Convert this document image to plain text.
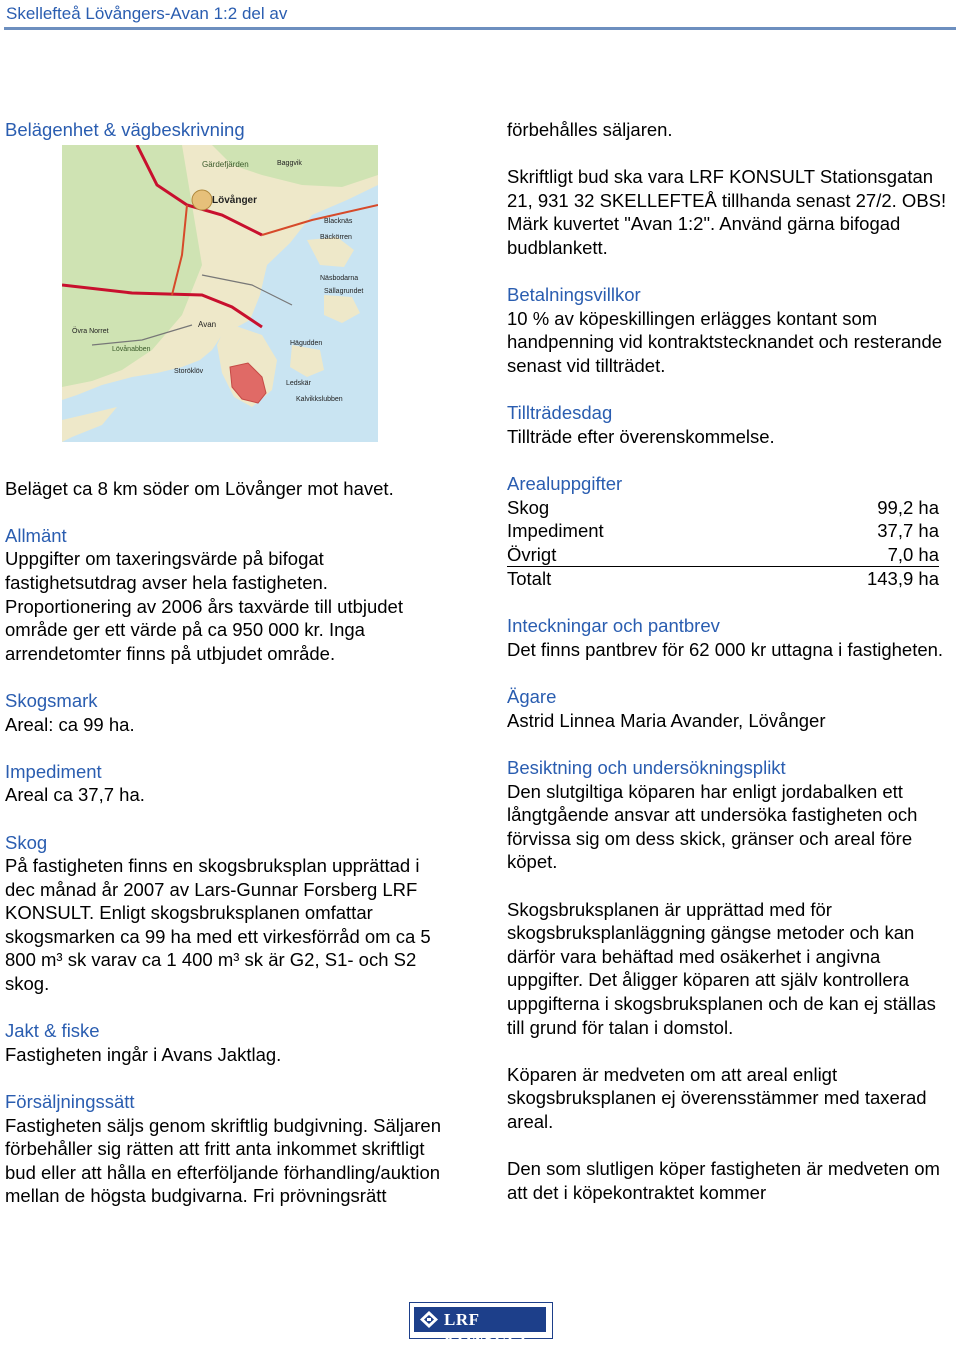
Skellefteå Lövångers-Avan 1:2 del av
Belägenhet & vägbeskrivning

Beläget ca 8 km söder om Lövånger mot havet.

Allmänt

Uppgifter om taxeringsvärde på bifogat fastighetsutdrag avser hela fastigheten. Proportionering av 2006 års taxvärde till utbjudet område ger ett värde på ca 950 000 kr. Inga arrendetomter finns på utbjudet område.

Skogsmark

Areal: ca 99 ha.

Impediment

Areal ca 37,7 ha.

Skog

På fastigheten finns en skogsbruksplan upprättad i dec månad år 2007 av Lars-Gunnar Forsberg LRF KONSULT. Enligt skogsbruksplanen omfattar skogsmarken ca 99 ha med ett virkesförråd om ca 5 800 m³ sk varav ca 1 400 m³ sk är G2, S1- och S2 skog.

Jakt & fiske

Fastigheten ingår i Avans Jaktlag.

Försäljningssätt

Fastigheten säljs genom skriftlig budgivning. Säljaren förbehåller sig rätten att fritt anta inkommet skriftligt bud eller att hålla en efterföljande förhandling/auktion mellan de högsta budgivarna. Fri prövningsrätt

Lövånger
Gärdefjärden	Baggvik
Blacknäs
Bäckörren
Näsbodarna
Sällagrundet
Avan
Övra Norret
Lövånabben
Storöklöv
Hägudden
Ledskär
Kalvikkslubben

förbehålles säljaren.

Skriftligt bud ska vara LRF KONSULT Stationsgatan 21, 931 32 SKELLEFTEÅ tillhanda senast 27/2. OBS! Märk kuvertet "Avan 1:2". Använd gärna bifogad budblankett.

Betalningsvillkor

10 % av köpeskillingen erlägges kontant som handpenning vid kontraktstecknandet och resterande senast vid tillträdet.

Tillträdesdag

Tillträde efter överenskommelse.

Arealuppgifter
Skog	99,2 ha
Impediment	37,7 ha
Övrigt	7,0 ha
Totalt	143,9 ha
Inteckningar och pantbrev

Det finns pantbrev för 62 000 kr uttagna i fastigheten.

Ägare

Astrid Linnea Maria Avander, Lövånger

Besiktning och undersökningsplikt

Den slutgiltiga köparen har enligt jordabalken ett långtgående ansvar att undersöka fastigheten och förvissa sig om dess skick, gränser och areal före köpet.

Skogsbruksplanen är upprättad med för skogsbruksplanläggning gängse metoder och kan därför vara behäftad med osäkerhet i angivna uppgifter. Det åligger köparen att själv kontrollera uppgifterna i skogsbruksplanen och de kan ej ställas till grund för talan i domstol.

Köparen är medveten om att areal enligt skogsbruksplanen ej överensstämmer med taxerad areal.

Den som slutligen köper fastigheten är medveten om att det i köpekontraktet kommer

LRF KONSULT
